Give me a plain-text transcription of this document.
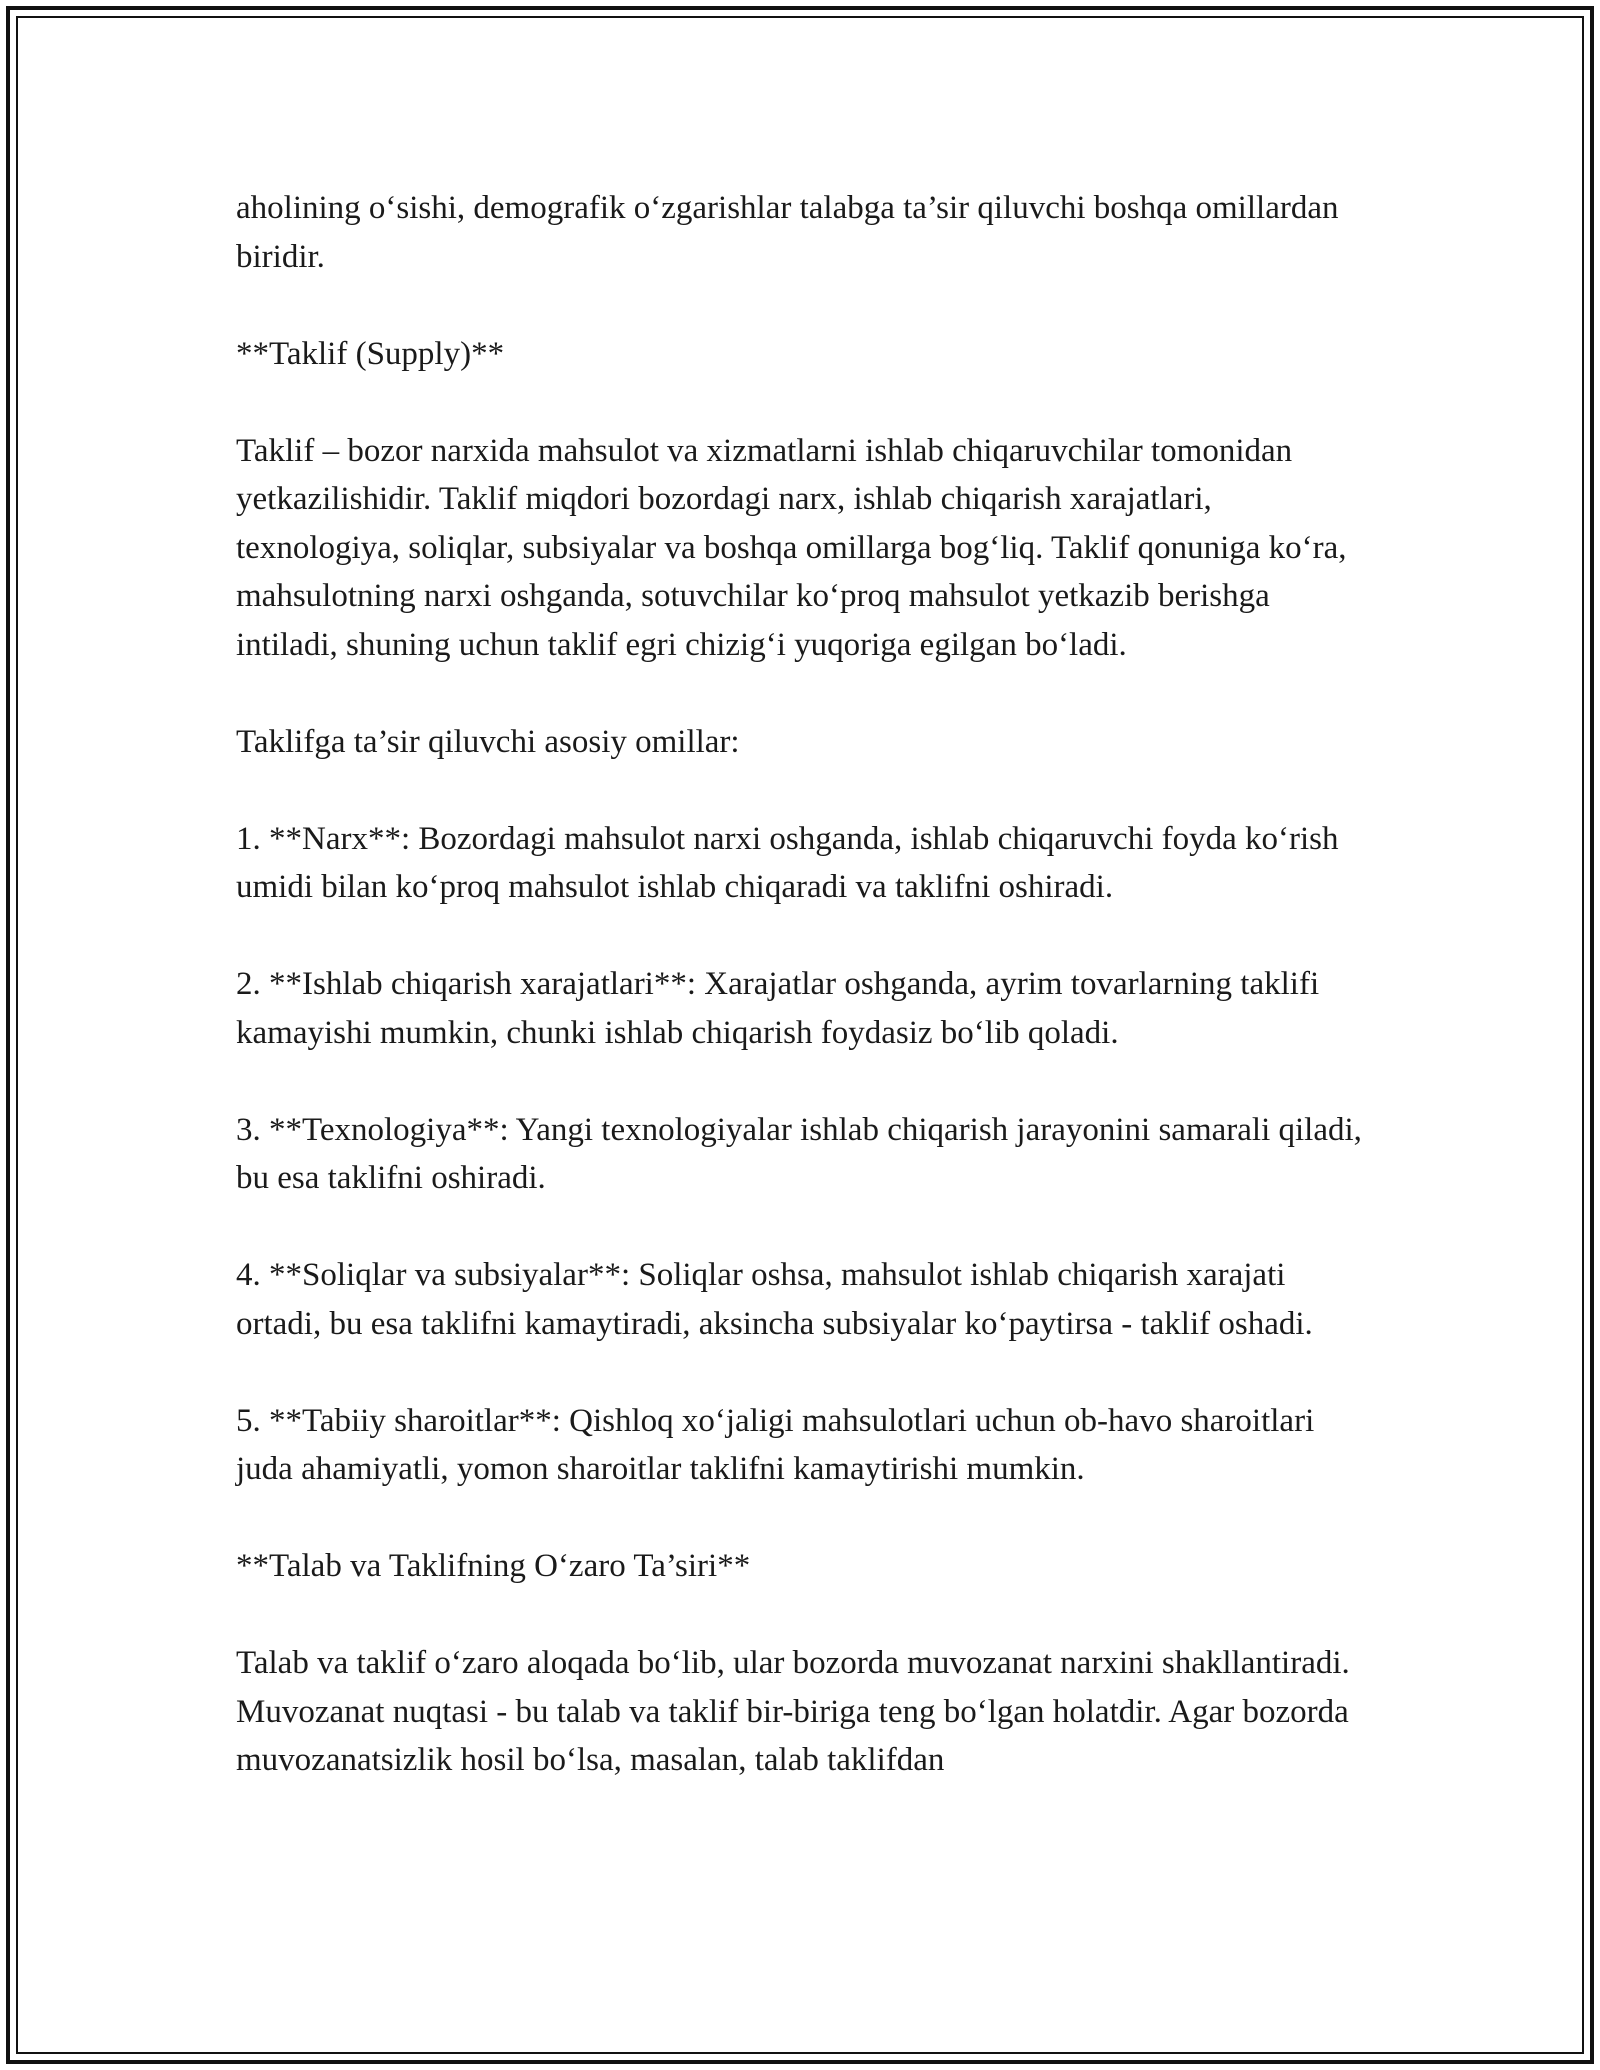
aholining o‘sishi, demografik o‘zgarishlar talabga ta’sir qiluvchi boshqa omillardan biridir.

**Taklif (Supply)**

Taklif – bozor narxida mahsulot va xizmatlarni ishlab chiqaruvchilar tomonidan yetkazilishidir. Taklif miqdori bozordagi narx, ishlab chiqarish xarajatlari, texnologiya, soliqlar, subsiyalar va boshqa omillarga bog‘liq. Taklif qonuniga ko‘ra, mahsulotning narxi oshganda, sotuvchilar ko‘proq mahsulot yetkazib berishga intiladi, shuning uchun taklif egri chizig‘i yuqoriga egilgan bo‘ladi.

Taklifga ta’sir qiluvchi asosiy omillar:

1. **Narx**: Bozordagi mahsulot narxi oshganda, ishlab chiqaruvchi foyda ko‘rish umidi bilan ko‘proq mahsulot ishlab chiqaradi va taklifni oshiradi.

2. **Ishlab chiqarish xarajatlari**: Xarajatlar oshganda, ayrim tovarlarning taklifi kamayishi mumkin, chunki ishlab chiqarish foydasiz bo‘lib qoladi.

3. **Texnologiya**: Yangi texnologiyalar ishlab chiqarish jarayonini samarali qiladi, bu esa taklifni oshiradi.

4. **Soliqlar va subsiyalar**: Soliqlar oshsa, mahsulot ishlab chiqarish xarajati ortadi, bu esa taklifni kamaytiradi, aksincha subsiyalar ko‘paytirsa - taklif oshadi.

5. **Tabiiy sharoitlar**: Qishloq xo‘jaligi mahsulotlari uchun ob-havo sharoitlari juda ahamiyatli, yomon sharoitlar taklifni kamaytirishi mumkin.

**Talab va Taklifning O‘zaro Ta’siri**

Talab va taklif o‘zaro aloqada bo‘lib, ular bozorda muvozanat narxini shakllantiradi. Muvozanat nuqtasi - bu talab va taklif bir-biriga teng bo‘lgan holatdir. Agar bozorda muvozanatsizlik hosil bo‘lsa, masalan, talab taklifdan
